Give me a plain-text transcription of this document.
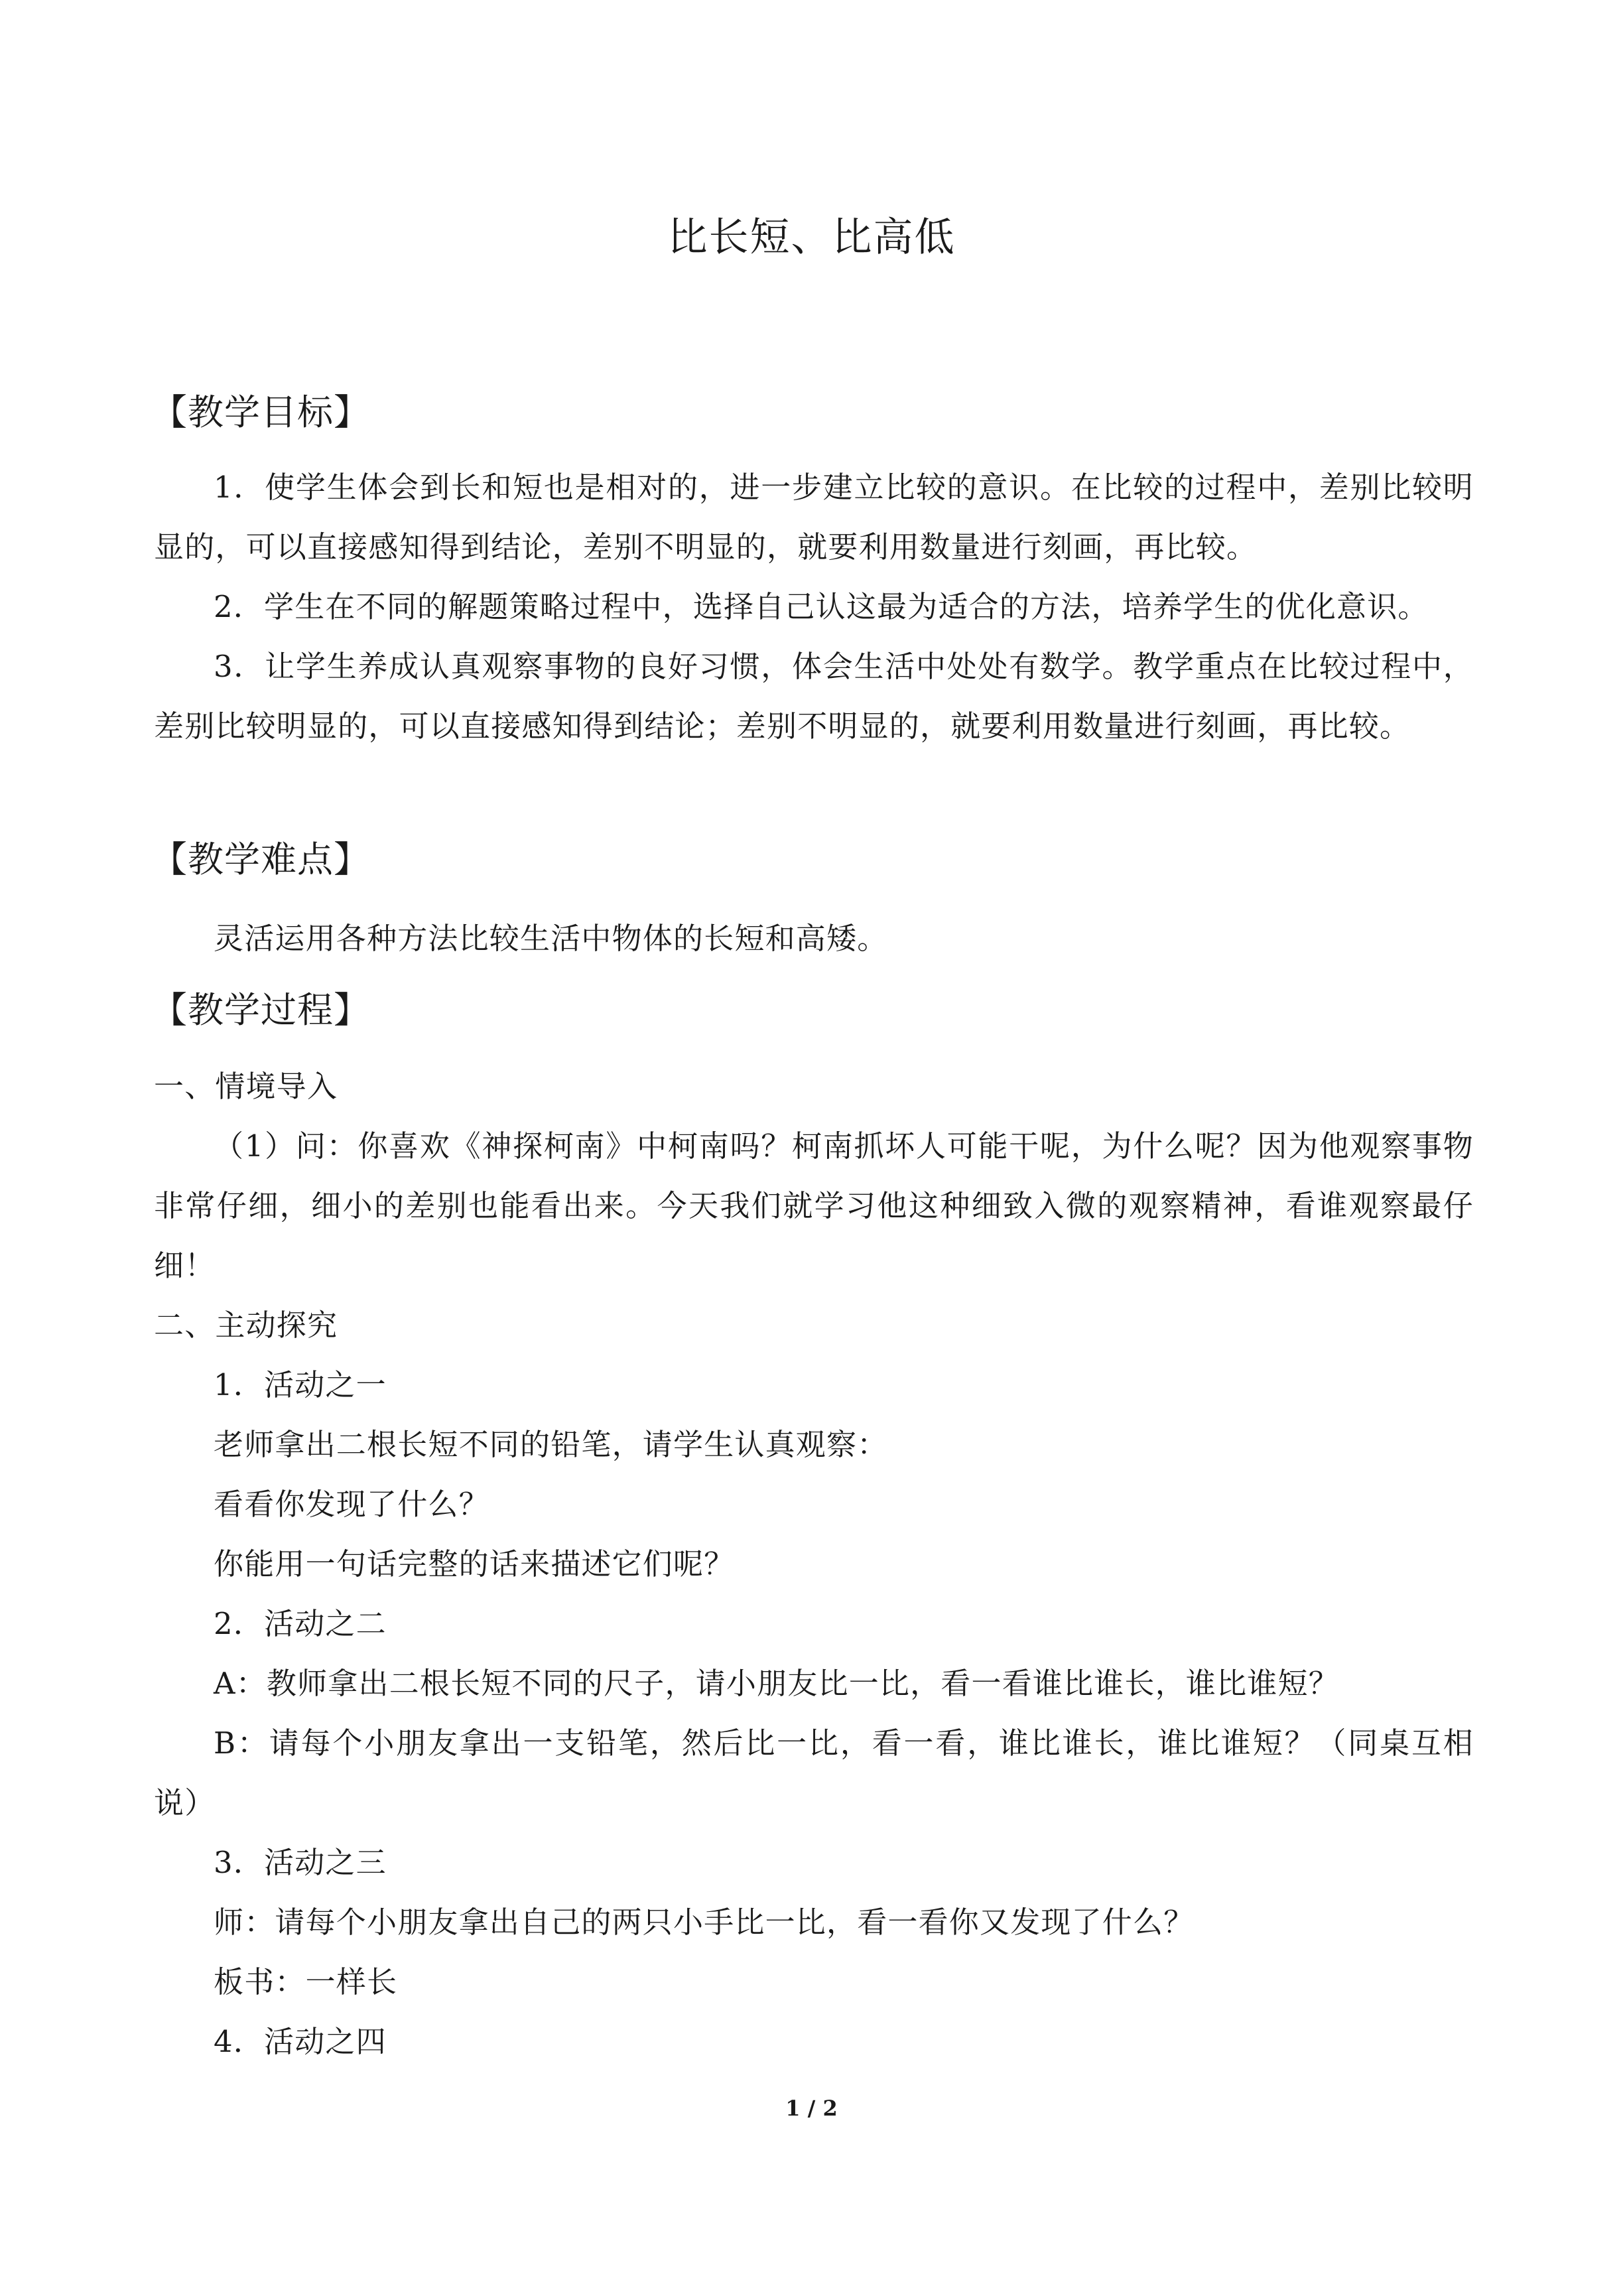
比长短、比高低
【教学目标】
1．使学生体会到长和短也是相对的，进一步建立比较的意识。在比较的过程中，差别比较明显的，可以直接感知得到结论，差别不明显的，就要利用数量进行刻画，再比较。
2．学生在不同的解题策略过程中，选择自己认这最为适合的方法，培养学生的优化意识。
3．让学生养成认真观察事物的良好习惯，体会生活中处处有数学。教学重点在比较过程中，差别比较明显的，可以直接感知得到结论；差别不明显的，就要利用数量进行刻画，再比较。
【教学难点】
灵活运用各种方法比较生活中物体的长短和高矮。
【教学过程】
一、情境导入
（1）问：你喜欢《神探柯南》中柯南吗？柯南抓坏人可能干呢，为什么呢？因为他观察事物非常仔细，细小的差别也能看出来。今天我们就学习他这种细致入微的观察精神，看谁观察最仔细！
二、主动探究
1．活动之一
老师拿出二根长短不同的铅笔，请学生认真观察：
看看你发现了什么？
你能用一句话完整的话来描述它们呢？
2．活动之二
A：教师拿出二根长短不同的尺子，请小朋友比一比，看一看谁比谁长，谁比谁短？
B：请每个小朋友拿出一支铅笔，然后比一比，看一看，谁比谁长，谁比谁短？（同桌互相说）
3．活动之三
师：请每个小朋友拿出自己的两只小手比一比，看一看你又发现了什么？
板书：一样长
4．活动之四
1 / 2
